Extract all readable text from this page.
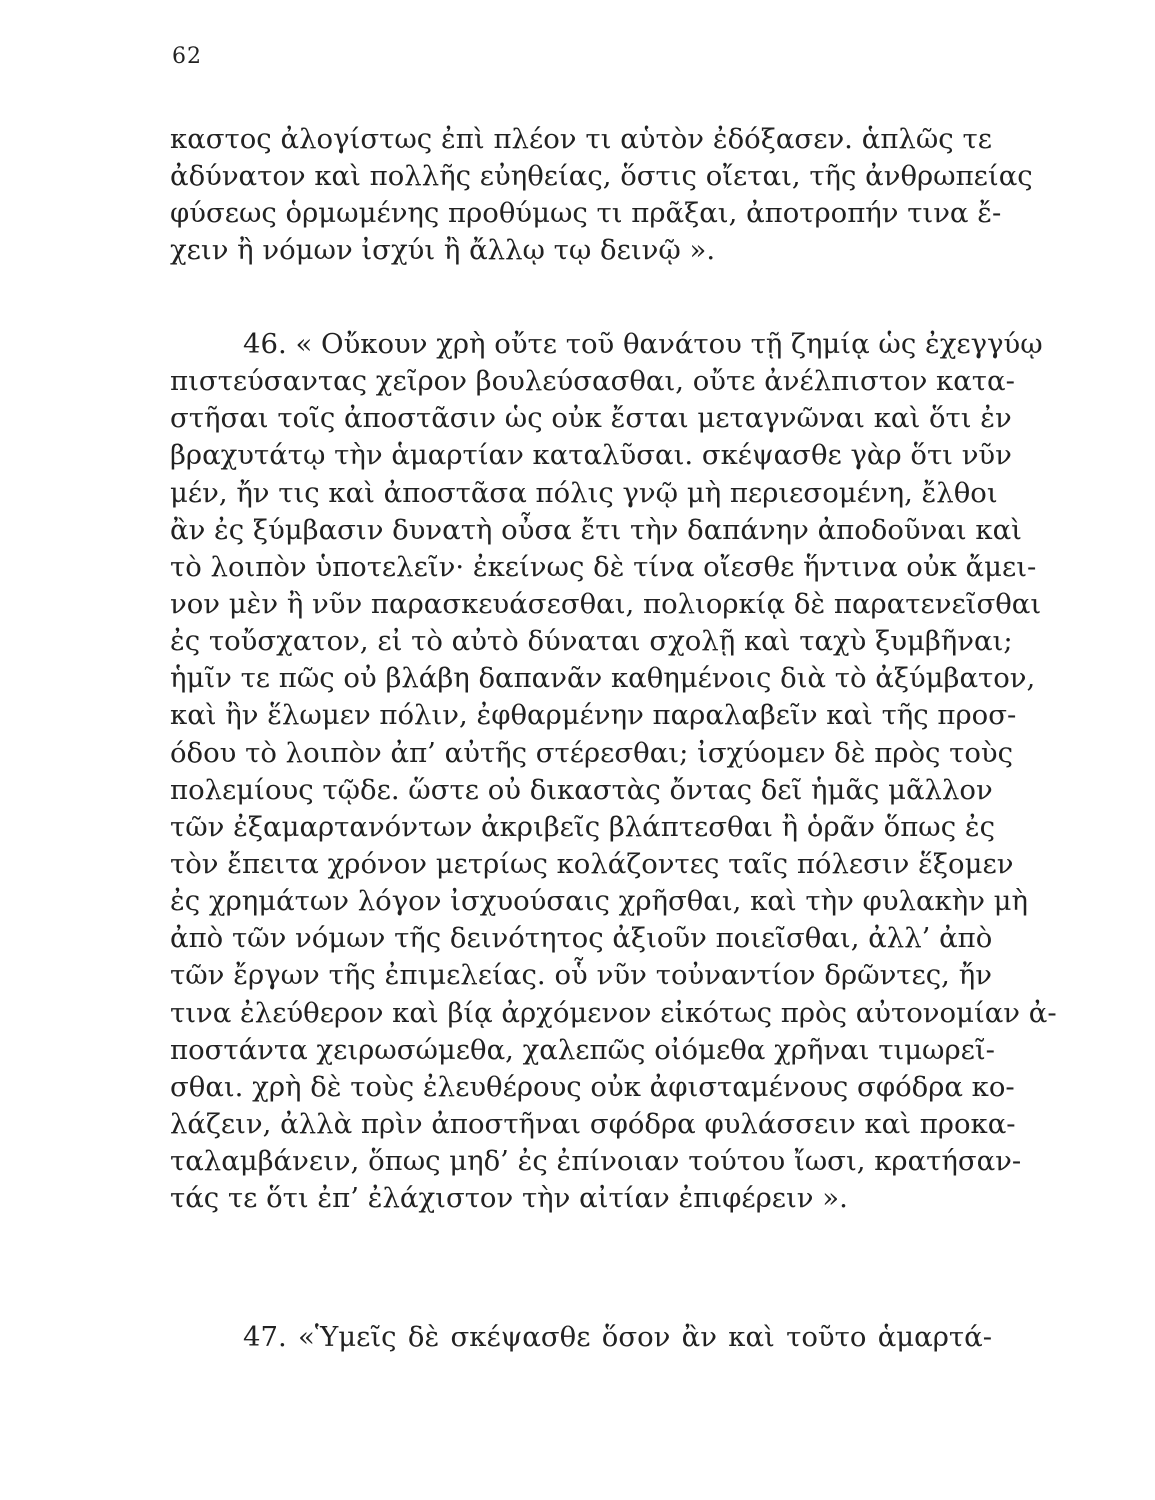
62
καστος ἀλογίστως ἐπὶ πλέον τι αὑτὸν ἐδόξασεν. ἁπλῶς τε
ἀδύνατον καὶ πολλῆς εὐηθείας, ὅστις οἴεται, τῆς ἀνθρωπείας
φύσεως ὁρμωμένης προθύμως τι πρᾶξαι, ἀποτροπήν τινα ἔ-
χειν ἢ νόμων ἰσχύι ἢ ἄλλῳ τῳ δεινῷ ».
46. « Οὔκουν χρὴ οὔτε τοῦ θανάτου τῇ ζημίᾳ ὡς ἐχεγγύῳ
πιστεύσαντας χεῖρον βουλεύσασθαι, οὔτε ἀνέλπιστον κατα-
στῆσαι τοῖς ἀποστᾶσιν ὡς οὐκ ἔσται μεταγνῶναι καὶ ὅτι ἐν
βραχυτάτῳ τὴν ἁμαρτίαν καταλῦσαι. σκέψασθε γὰρ ὅτι νῦν
μέν, ἤν τις καὶ ἀποστᾶσα πόλις γνῷ μὴ περιεσομένη, ἔλθοι
ἂν ἐς ξύμβασιν δυνατὴ οὖσα ἔτι τὴν δαπάνην ἀποδοῦναι καὶ
τὸ λοιπὸν ὑποτελεῖν· ἐκείνως δὲ τίνα οἴεσθε ἥντινα οὐκ ἄμει-
νον μὲν ἢ νῦν παρασκευάσεσθαι, πολιορκίᾳ δὲ παρατενεῖσθαι
ἐς τοὔσχατον, εἰ τὸ αὐτὸ δύναται σχολῇ καὶ ταχὺ ξυμβῆναι;
ἡμῖν τε πῶς οὐ βλάβη δαπανᾶν καθημένοις διὰ τὸ ἀξύμβατον,
καὶ ἢν ἕλωμεν πόλιν, ἐφθαρμένην παραλαβεῖν καὶ τῆς προσ-
όδου τὸ λοιπὸν ἀπ’ αὐτῆς στέρεσθαι; ἰσχύομεν δὲ πρὸς τοὺς
πολεμίους τῷδε. ὥστε οὐ δικαστὰς ὄντας δεῖ ἡμᾶς μᾶλλον
τῶν ἐξαμαρτανόντων ἀκριβεῖς βλάπτεσθαι ἢ ὁρᾶν ὅπως ἐς
τὸν ἔπειτα χρόνον μετρίως κολάζοντες ταῖς πόλεσιν ἕξομεν
ἐς χρημάτων λόγον ἰσχυούσαις χρῆσθαι, καὶ τὴν φυλακὴν μὴ
ἀπὸ τῶν νόμων τῆς δεινότητος ἀξιοῦν ποιεῖσθαι, ἀλλ’ ἀπὸ
τῶν ἔργων τῆς ἐπιμελείας. οὗ νῦν τοὐναντίον δρῶντες, ἤν
τινα ἐλεύθερον καὶ βίᾳ ἀρχόμενον εἰκότως πρὸς αὐτονομίαν ἀ-
ποστάντα χειρωσώμεθα, χαλεπῶς οἰόμεθα χρῆναι τιμωρεῖ-
σθαι. χρὴ δὲ τοὺς ἐλευθέρους οὐκ ἀφισταμένους σφόδρα κο-
λάζειν, ἀλλὰ πρὶν ἀποστῆναι σφόδρα φυλάσσειν καὶ προκα-
ταλαμβάνειν, ὅπως μηδ’ ἐς ἐπίνοιαν τούτου ἴωσι, κρατήσαν-
τάς τε ὅτι ἐπ’ ἐλάχιστον τὴν αἰτίαν ἐπιφέρειν ».
47. «Ὑμεῖς δὲ σκέψασθε ὅσον ἂν καὶ τοῦτο ἁμαρτά-
